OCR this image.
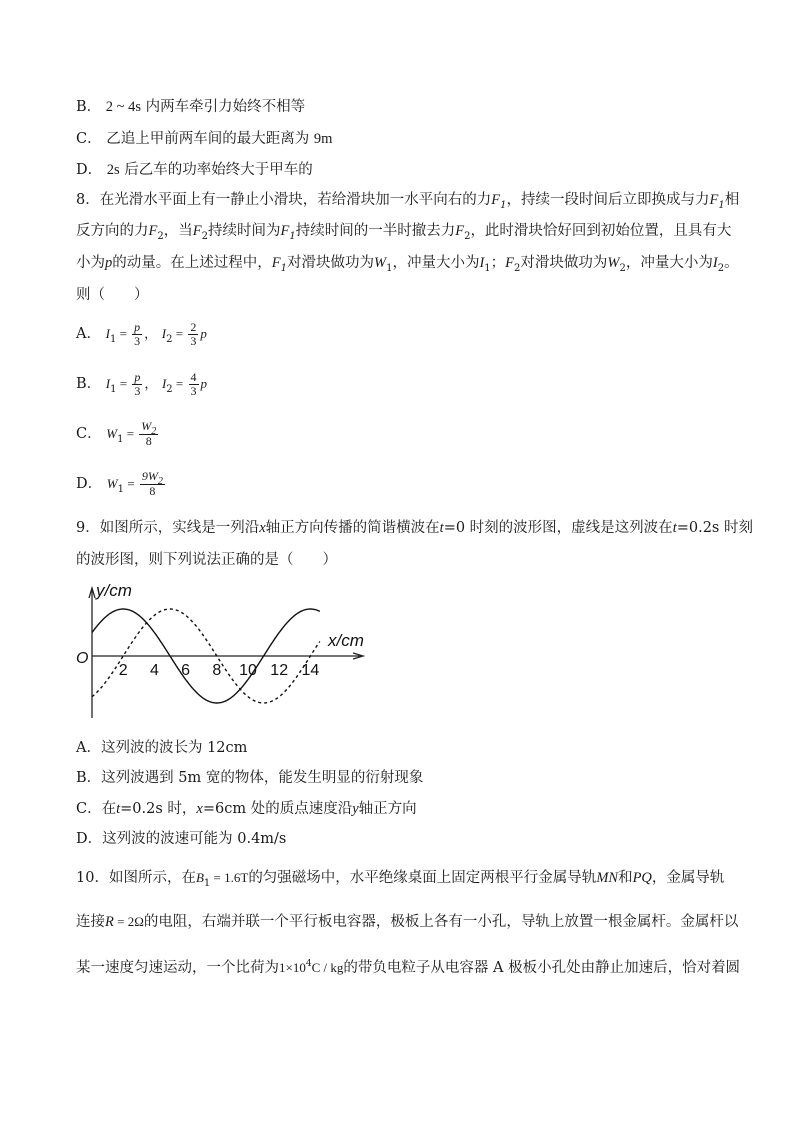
B． 2 ~ 4s 内两车牵引力始终不相等
C． 乙追上甲前两车间的最大距离为 9m
D． 2s 后乙车的功率始终大于甲车的
8．在光滑水平面上有一静止小滑块，若给滑块加一水平向右的力$F_1$，持续一段时间后立即换成与力$F_1$相
反方向的力$F_2$，当$F_2$持续时间为$F_1$持续时间的一半时撤去力$F_2$，此时滑块恰好回到初始位置，且具有大
小为p的动量。在上述过程中，$F_1$对滑块做功为$W_1$，冲量大小为$I_1$；$F_2$对滑块做功为$W_2$，冲量大小为$I_2$。
则（　　）
A． $I_1 = \frac{p}{3}$ ， $I_2 = \frac{2}{3}$ p
B． $I_1 = \frac{p}{3}$ ， $I_2 = \frac{4}{3}$ p
C． $W_1 = \frac{W_2}{8}$
D． $W_1 = \frac{9W_2}{8}$
9．如图所示，实线是一列沿x轴正方向传播的简谐横波在t=0 时刻的波形图，虚线是这列波在t=0.2s 时刻
的波形图，则下列说法正确的是（　　）
y/cm
x/cm
O
2 4 6 8 10 12 14
A．这列波的波长为 12cm
B．这列波遇到 5m 宽的物体，能发生明显的衍射现象
C．在t=0.2s 时，x=6cm 处的质点速度沿y轴正方向
D．这列波的波速可能为 0.4m/s
10．如图所示，在$B_1 = 1.6T$的匀强磁场中，水平绝缘桌面上固定两根平行金属导轨MN和PQ，金属导轨
连接R = 2Ω的电阻，右端并联一个平行板电容器，极板上各有一小孔，导轨上放置一根金属杆。金属杆以
某一速度匀速运动，一个比荷为$1\times 10^4C$ / kg的带负电粒子从电容器 A 极板小孔处由静止加速后，恰对着圆
